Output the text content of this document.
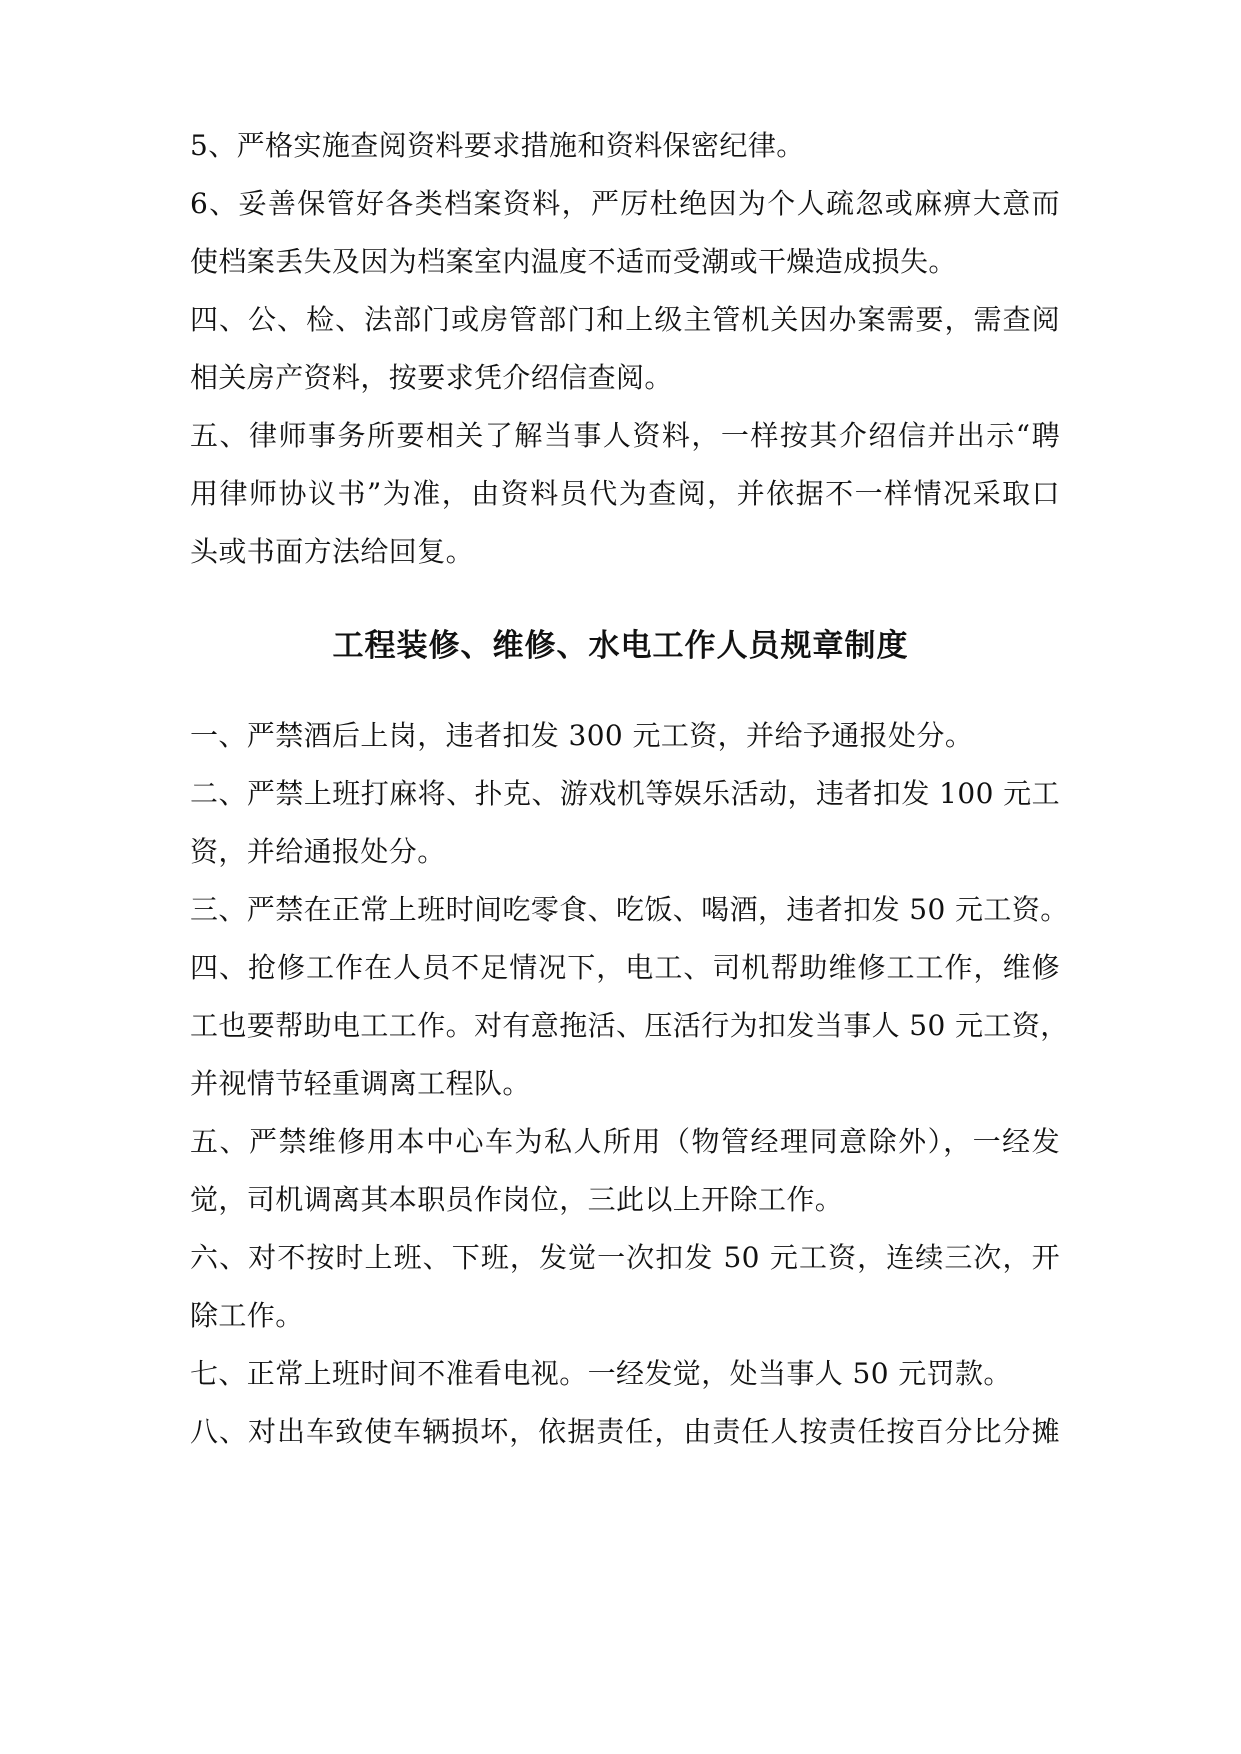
5、严格实施查阅资料要求措施和资料保密纪律。
6、妥善保管好各类档案资料，严厉杜绝因为个人疏忽或麻痹大意而
使档案丢失及因为档案室内温度不适而受潮或干燥造成损失。
四、公、检、法部门或房管部门和上级主管机关因办案需要，需查阅
相关房产资料，按要求凭介绍信查阅。
五、律师事务所要相关了解当事人资料，一样按其介绍信并出示“聘
用律师协议书”为准，由资料员代为查阅，并依据不一样情况采取口
头或书面方法给回复。
工程装修、维修、水电工作人员规章制度
一、严禁酒后上岗，违者扣发 300 元工资，并给予通报处分。
二、严禁上班打麻将、扑克、游戏机等娱乐活动，违者扣发 100 元工
资，并给通报处分。
三、严禁在正常上班时间吃零食、吃饭、喝酒，违者扣发 50 元工资。
四、抢修工作在人员不足情况下，电工、司机帮助维修工工作，维修
工也要帮助电工工作。对有意拖活、压活行为扣发当事人 50 元工资，
并视情节轻重调离工程队。
五、严禁维修用本中心车为私人所用（物管经理同意除外），一经发
觉，司机调离其本职员作岗位，三此以上开除工作。
六、对不按时上班、下班，发觉一次扣发 50 元工资，连续三次，开
除工作。
七、正常上班时间不准看电视。一经发觉，处当事人 50 元罚款。
八、对出车致使车辆损坏，依据责任，由责任人按责任按百分比分摊
